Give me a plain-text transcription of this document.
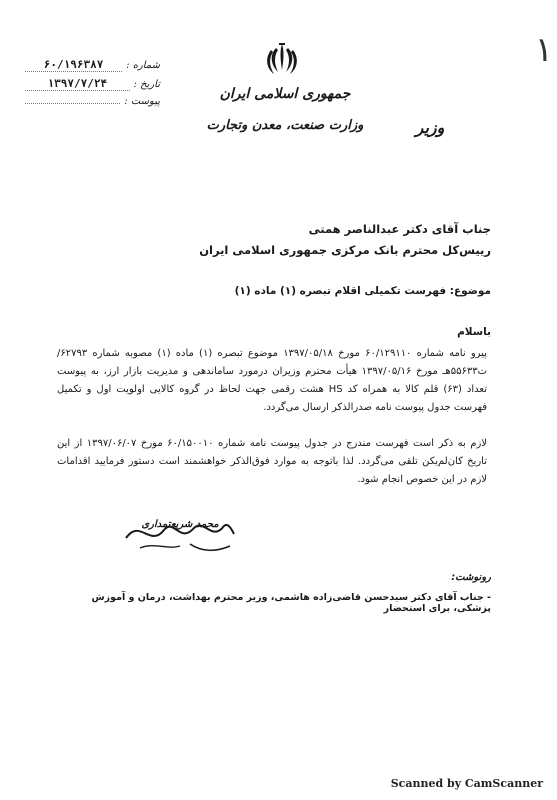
۱
شماره :
۶۰/۱۹۶۳۸۷
تاریخ :
۱۳۹۷/۷/۲۴
پیوست :	جمهوری اسلامی ایران
وزارت صنعت، معدن وتجارت	وزیر
جناب آقای دکتر عبدالناصر همتی
رییس‌کل محترم بانک مرکزی جمهوری اسلامی ایران
موضوع: فهرست تکمیلی اقلام تبصره (۱) ماده (۱)
باسلام
پیرو نامه شماره ۶۰/۱۲۹۱۱۰ مورخ ۱۳۹۷/۰۵/۱۸ موضوع تبصره (۱) ماده (۱) مصوبه شماره ۶۲۷۹۳/ت۵۵۶۳۳هـ مورخ ۱۳۹۷/۰۵/۱۶ هیأت محترم وزیران درمورد ساماندهی و مدیریت بازار ارز، به پیوست تعداد (۶۳) قلم کالا به همراه کد HS هشت رقمی جهت لحاظ در گروه کالایی اولویت اول و تکمیل فهرست جدول پیوست نامه صدرالذکر ارسال می‌گردد.
لازم به ذکر است فهرست مندرج در جدول پیوست نامه شماره ۶۰/۱۵۰۰۱۰ مورخ ۱۳۹۷/۰۶/۰۷ از این تاریخ کان‌لم‌یکن تلقی می‌گردد. لذا باتوجه به موارد فوق‌الذکر خواهشمند است دستور فرمایید اقدامات لازم در این خصوص انجام شود.
محمد شریعتمداری
رونوشت:
- جناب آقای دکتر سیدحسن قاضی‌زاده هاشمی، وزیر محترم بهداشت، درمان و آموزش پزشکی، برای استحضار
Scanned by CamScanner
